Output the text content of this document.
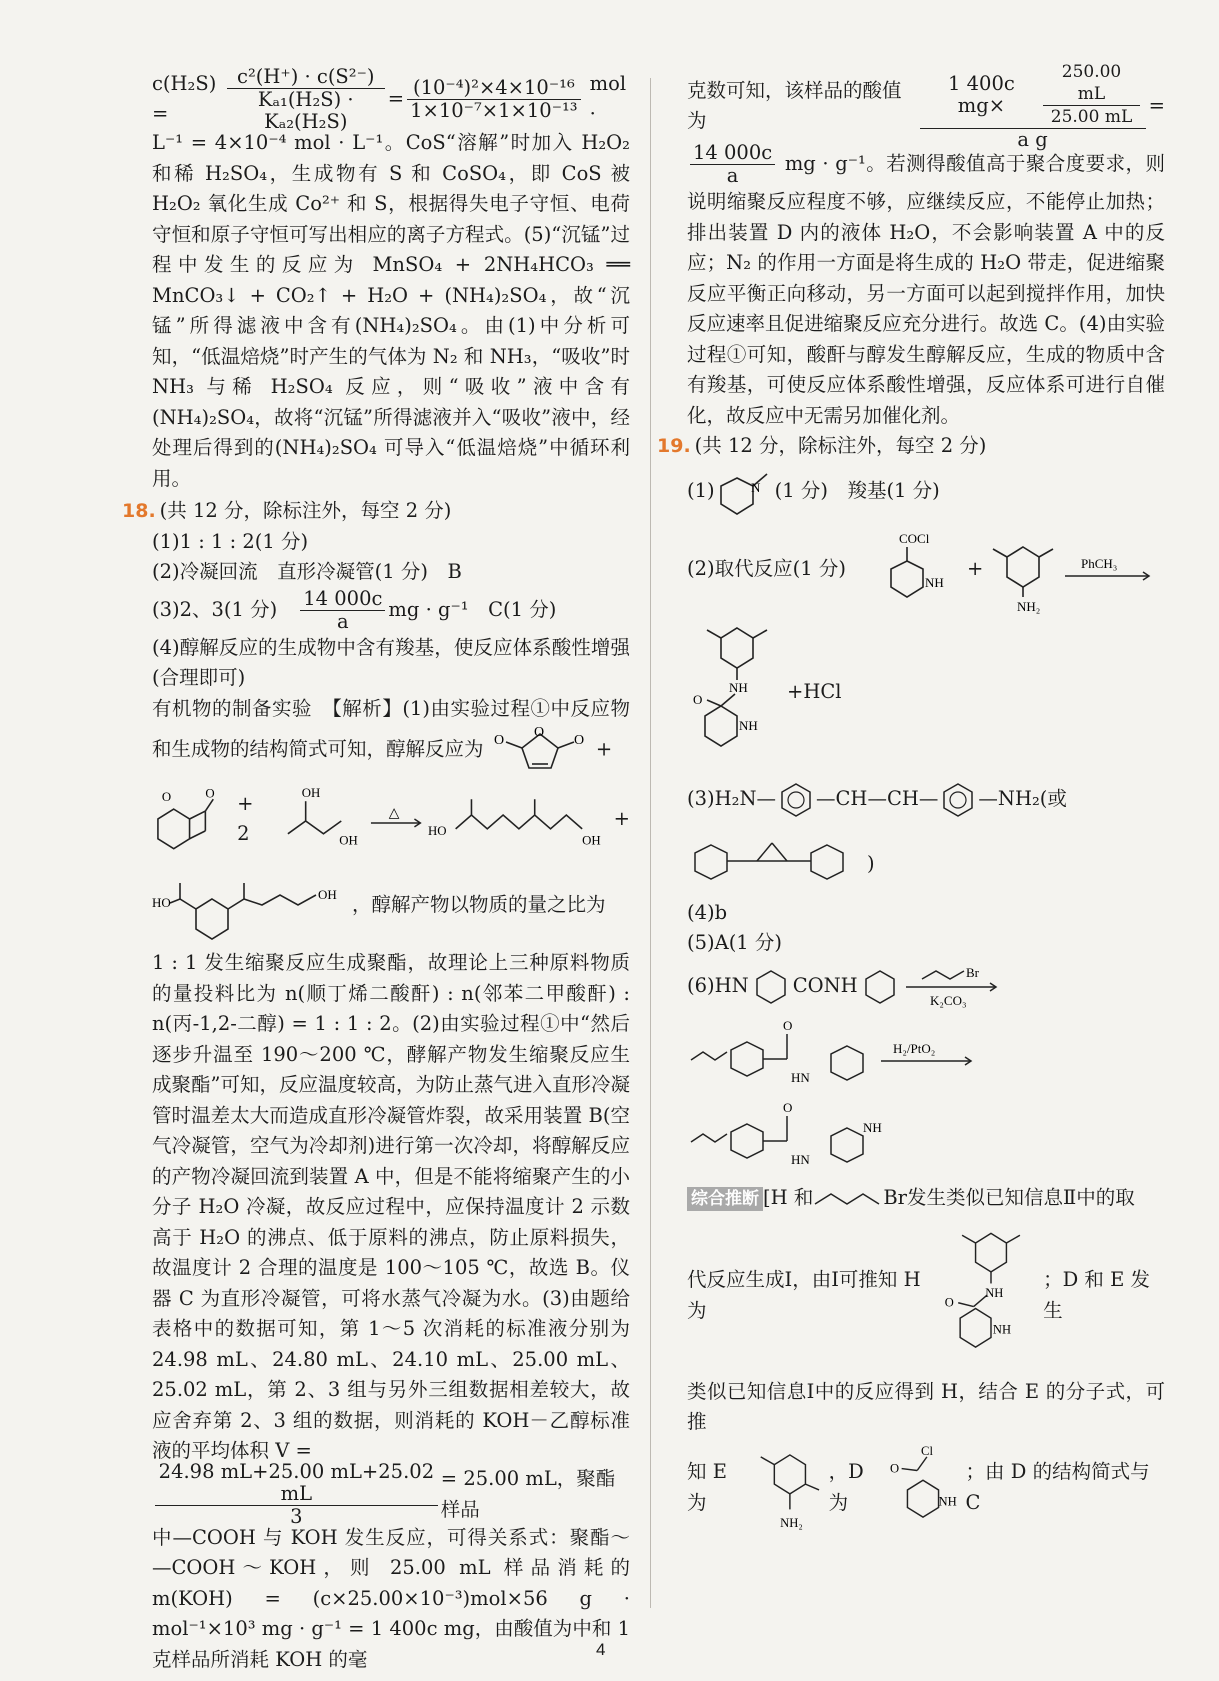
c(H₂S) =	$\frac{\text{c²(H⁺) · c(S²⁻)}}{\text{Kₐ₁(H₂S) · Kₐ₂(H₂S)}} = \frac{\text{(10⁻⁴)²×4×10⁻¹⁶}}{\text{1×10⁻⁷×1×10⁻¹³}}$ mol ·

L⁻¹ = 4×10⁻⁴ mol · L⁻¹。CoS“溶解”时加入 H₂O₂ 和稀 H₂SO₄，生成物有 S 和 CoSO₄，即 CoS 被 H₂O₂ 氧化生成 Co²⁺ 和 S，根据得失电子守恒、电荷守恒和原子守恒可写出相应的离子方程式。(5)“沉锰”过程中发生的反应为 MnSO₄ + 2NH₄HCO₃ ══ MnCO₃↓ + CO₂↑ + H₂O + (NH₄)₂SO₄，故“沉锰”所得滤液中含有(NH₄)₂SO₄。由(1)中分析可知，“低温焙烧”时产生的气体为 N₂ 和 NH₃，“吸收”时 NH₃ 与稀 H₂SO₄ 反应，则“吸收”液中含有(NH₄)₂SO₄，故将“沉锰”所得滤液并入“吸收”液中，经处理后得到的(NH₄)₂SO₄ 可导入“低温焙烧”中循环利用。

18. (共 12 分，除标注外，每空 2 分)
(1)1 : 1 : 2(1 分)
(2)冷凝回流　直形冷凝管(1 分)　B
(3)2、3(1 分) $\frac{14 000c}{a}$ mg · g⁻¹　C(1 分)
(4)醇解反应的生成物中含有羧基，使反应体系酸性增强(合理即可)
有机物的制备实验　【解析】(1)由实验过程①中反应物和生成物的结构简式可知，醇解反应为
O
O	O +
O	O + 2
OH
OH
△
HO
OH
+
HO
OH ，醇解产物以物质的量之比为

1 : 1 发生缩聚反应生成聚酯，故理论上三种原料物质的量投料比为 n(顺丁烯二酸酐) : n(邻苯二甲酸酐) : n(丙-1,2-二醇) = 1 : 1 : 2。(2)由实验过程①中“然后逐步升温至 190～200 ℃，酵解产物发生缩聚反应生成聚酯”可知，反应温度较高，为防止蒸气进入直形冷凝管时温差太大而造成直形冷凝管炸裂，故采用装置 B(空气冷凝管，空气为冷却剂)进行第一次冷却，将醇解反应的产物冷凝回流到装置 A 中，但是不能将缩聚产生的小分子 H₂O 冷凝，故反应过程中，应保持温度计 2 示数高于 H₂O 的沸点、低于原料的沸点，防止原料损失，故温度计 2 合理的温度是 100～105 ℃，故选 B。仪器 C 为直形冷凝管，可将水蒸气冷凝为水。(3)由题给表格中的数据可知，第 1～5 次消耗的标准液分别为 24.98 mL、24.80 mL、24.10 mL、25.00 mL、25.02 mL，第 2、3 组与另外三组数据相差较大，故应舍弃第 2、3 组的数据，则消耗的 KOH－乙醇标准液的平均体积 V =

$\frac{24.98 mL+25.00 mL+25.02 mL}{3} = 25.00$ mL，聚酯样品

中—COOH 与 KOH 发生反应，可得关系式：聚酯～—COOH～KOH，则 25.00 mL 样品消耗的 m(KOH) = (c×25.00×10⁻³)mol×56 g · mol⁻¹×10³ mg · g⁻¹ = 1 400c mg，由酸值为中和 1 克样品所消耗 KOH 的毫

克数可知，该样品的酸值为	1 400c mg×	$\frac{250.00 mL}{25.00 mL}$
a g =
$\frac{14 000c}{a}$ mg · g⁻¹。若测得酸值高于聚合度要求，则说明缩聚反应程度不够，应继续反应，不能停止加热；排出装置 D 内的液体 H₂O，不会影响装置 A 中的反应；N₂ 的作用一方面是将生成的 H₂O 带走，促进缩聚反应平衡正向移动，另一方面可以起到搅拌作用，加快反应速率且促进缩聚反应充分进行。故选 C。(4)由实验过程①可知，酸酐与醇发生醇解反应，生成的物质中含有羧基，可使反应体系酸性增强，反应体系可进行自催化，故反应中无需另加催化剂。
19. (共 12 分，除标注外，每空 2 分)
(1)	N (1 分)　羧基(1 分)
(2)取代反应(1 分)
COCl
NH
+
NH₂
PhCH₃
NH
O
NH
+HCl
(3)H₂N— —CH—CH— —NH₂(或
)
(4)b
(5)A(1 分)
(6)HN CONH
Br
K₂CO₃
O
HN
H₂/PtO₂
O
HN
NH
综合推断 [ H 和	Br发生类似已知信息Ⅱ中的取
代反应生成Ⅰ，由Ⅰ可推知 H 为
NH
O
NH
；D 和 E 发生

类似已知信息Ⅰ中的反应得到 H，结合 E 的分子式，可推

知 E 为
NH₂
，D 为
Cl
O
NH
；由 D 的结构简式与 C
4
